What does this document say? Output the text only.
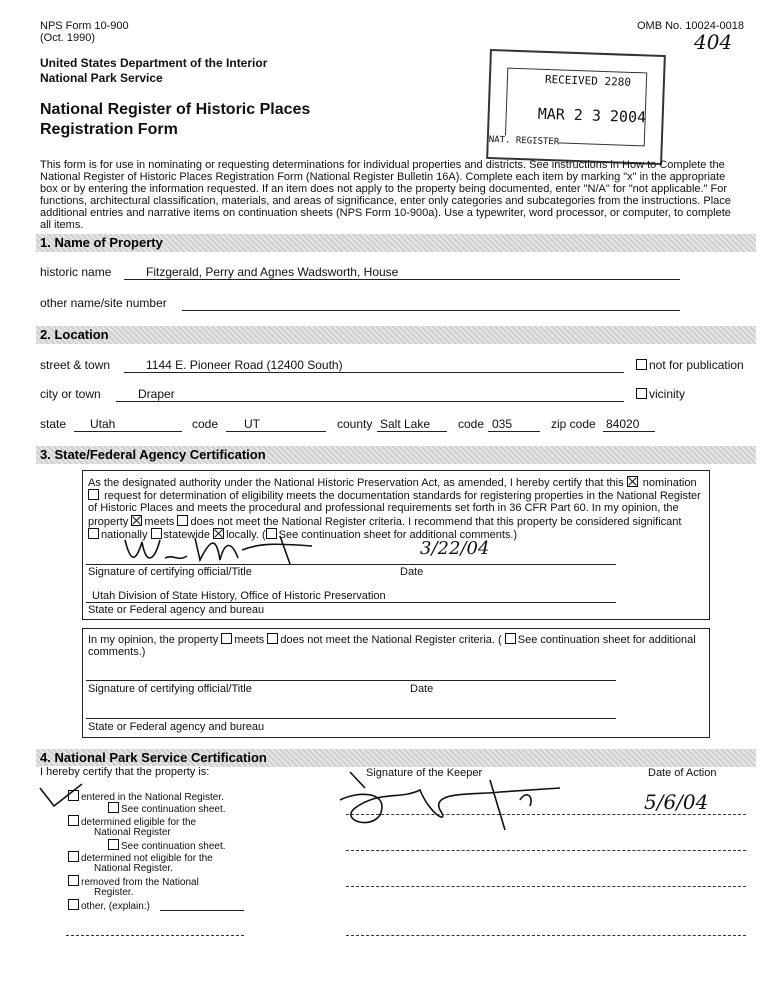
NPS Form 10-900
(Oct. 1990)
OMB No. 10024-0018
404
United States Department of the Interior
National Park Service
National Register of Historic Places
Registration Form
RECEIVED 2280
MAR 2 3 2004
NAT. REGISTER

This form is for use in nominating or requesting determinations for individual properties and districts. See instructions in How to Complete the National Register of Historic Places Registration Form (National Register Bulletin 16A). Complete each item by marking "x" in the appropriate box or by entering the information requested. If an item does not apply to the property being documented, enter "N/A" for "not applicable." For functions, architectural classification, materials, and areas of significance, enter only categories and subcategories from the instructions. Place additional entries and narrative items on continuation sheets (NPS Form 10-900a). Use a typewriter, word processor, or computer, to complete all items.

1. Name of Property
historic name	Fitzgerald, Perry and Agnes Wadsworth, House
other name/site number
2. Location
street & town	1144 E. Pioneer Road (12400 South)	not for publication
city or town	Draper	vicinity
state Utah	code UT	county Salt Lake code 035	zip code 84020
3. State/Federal Agency Certification
As the designated authority under the National Historic Preservation Act, as amended, I hereby certify that this nomination
request for determination of eligibility meets the documentation standards for registering properties in the National Register
of Historic Places and meets the procedural and professional requirements set forth in 36 CFR Part 60. In my opinion, the
property meets does not meet the National Register criteria. I recommend that this property be considered significant
nationally statewide locally. ( See continuation sheet for additional comments.)
3/22/04
Signature of certifying official/Title	Date
Utah Division of State History, Office of Historic Preservation
State or Federal agency and bureau
In my opinion, the property meets does not meet the National Register criteria. ( See continuation sheet for additional
comments.)
Signature of certifying official/Title	Date
State or Federal agency and bureau
4. National Park Service Certification
I hereby certify that the property is:	Signature of the Keeper	Date of Action
5/6/04
entered in the National Register.
See continuation sheet.
determined eligible for the
National Register
See continuation sheet.
determined not eligible for the
National Register.
removed from the National
Register.
other, (explain:)
